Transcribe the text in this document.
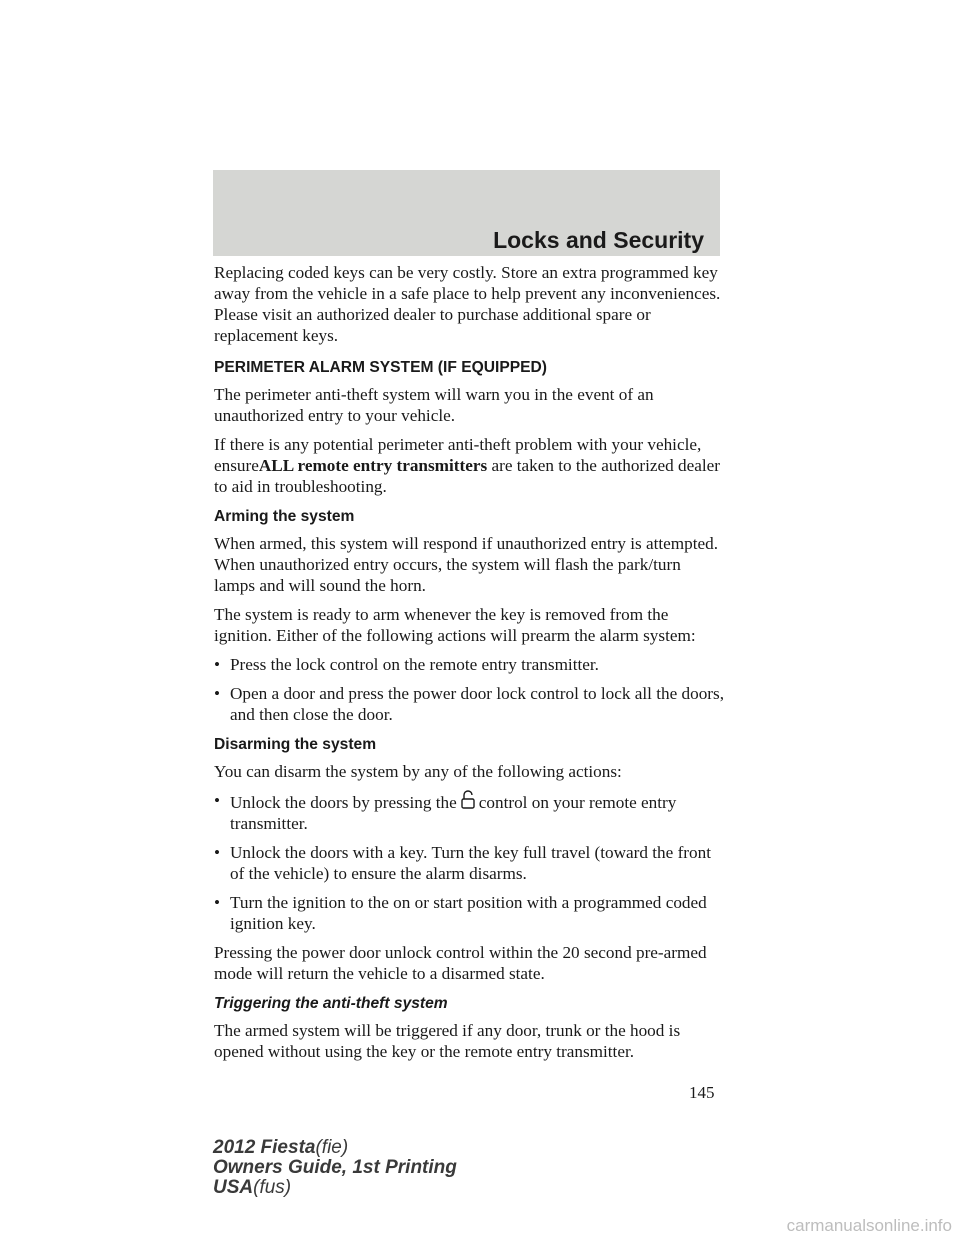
Locks and Security

Replacing coded keys can be very costly. Store an extra programmed key away from the vehicle in a safe place to help prevent any inconveniences. Please visit an authorized dealer to purchase additional spare or replacement keys.

PERIMETER ALARM SYSTEM (IF EQUIPPED)

The perimeter anti-theft system will warn you in the event of an unauthorized entry to your vehicle.

If there is any potential perimeter anti-theft problem with your vehicle, ensureALL remote entry transmitters are taken to the authorized dealer to aid in troubleshooting.

Arming the system

When armed, this system will respond if unauthorized entry is attempted. When unauthorized entry occurs, the system will flash the park/turn lamps and will sound the horn.

The system is ready to arm whenever the key is removed from the ignition. Either of the following actions will prearm the alarm system:

• Press the lock control on the remote entry transmitter.
• Open a door and press the power door lock control to lock all the doors, and then close the door.
Disarming the system

You can disarm the system by any of the following actions:

• Unlock the doors by pressing the control on your remote entry transmitter.
• Unlock the doors with a key. Turn the key full travel (toward the front of the vehicle) to ensure the alarm disarms.
• Turn the ignition to the on or start position with a programmed coded ignition key.

Pressing the power door unlock control within the 20 second pre-armed mode will return the vehicle to a disarmed state.

Triggering the anti-theft system

The armed system will be triggered if any door, trunk or the hood is opened without using the key or the remote entry transmitter.

145
2012 Fiesta(fie)
Owners Guide, 1st Printing
USA(fus)
carmanualsonline.info
